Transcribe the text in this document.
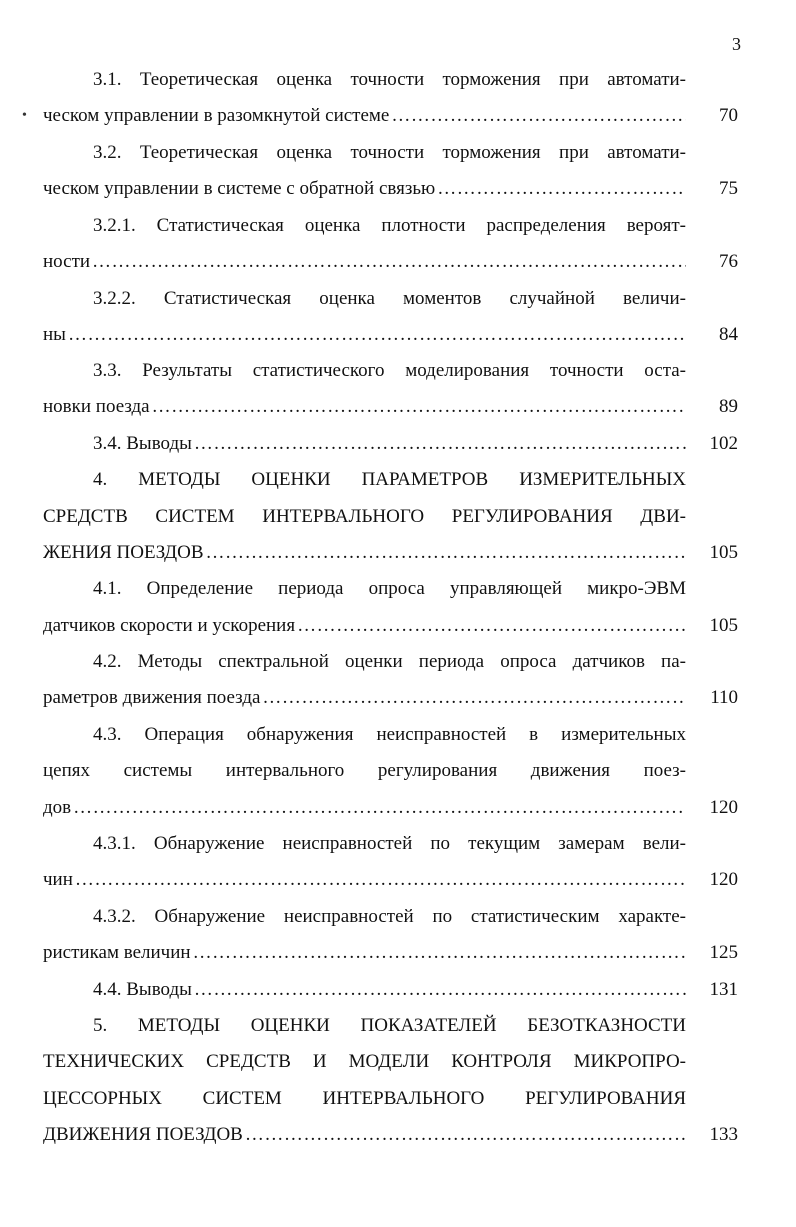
3
•
3.1. Теоретическая оценка точности торможения при автомати-
ческом управлении в разомкнутой системе ……………………………………………………………………………………………………………………………………………………………………	70
3.2. Теоретическая оценка точности торможения при автомати-
ческом управлении в системе с обратной связью ……………………………………………………………………………………………………………………………………………………………………	75
3.2.1. Статистическая оценка плотности распределения вероят-
ности ……………………………………………………………………………………………………………………………………………………………………	76
3.2.2. Статистическая оценка моментов случайной величи-
ны ……………………………………………………………………………………………………………………………………………………………………	84
3.3. Результаты статистического моделирования точности оста-
новки поезда ……………………………………………………………………………………………………………………………………………………………………	89
3.4. Выводы ……………………………………………………………………………………………………………………………………………………………………	102
4. МЕТОДЫ ОЦЕНКИ ПАРАМЕТРОВ ИЗМЕРИТЕЛЬНЫХ
СРЕДСТВ СИСТЕМ ИНТЕРВАЛЬНОГО РЕГУЛИРОВАНИЯ ДВИ-
ЖЕНИЯ ПОЕЗДОВ ……………………………………………………………………………………………………………………………………………………………………	105
4.1. Определение периода опроса управляющей микро-ЭВМ
датчиков скорости и ускорения ……………………………………………………………………………………………………………………………………………………………………	105
4.2. Методы спектральной оценки периода опроса датчиков па-
раметров движения поезда ……………………………………………………………………………………………………………………………………………………………………	110
4.3. Операция обнаружения неисправностей в измерительных
цепях системы интервального регулирования движения поез-
дов ……………………………………………………………………………………………………………………………………………………………………	120
4.3.1. Обнаружение неисправностей по текущим замерам вели-
чин ……………………………………………………………………………………………………………………………………………………………………	120
4.3.2. Обнаружение неисправностей по статистическим характе-
ристикам величин ……………………………………………………………………………………………………………………………………………………………………	125
4.4. Выводы ……………………………………………………………………………………………………………………………………………………………………	131
5. МЕТОДЫ ОЦЕНКИ ПОКАЗАТЕЛЕЙ БЕЗОТКАЗНОСТИ
ТЕХНИЧЕСКИХ СРЕДСТВ И МОДЕЛИ КОНТРОЛЯ МИКРОПРО-
ЦЕССОРНЫХ СИСТЕМ ИНТЕРВАЛЬНОГО РЕГУЛИРОВАНИЯ
ДВИЖЕНИЯ ПОЕЗДОВ ……………………………………………………………………………………………………………………………………………………………………	133
